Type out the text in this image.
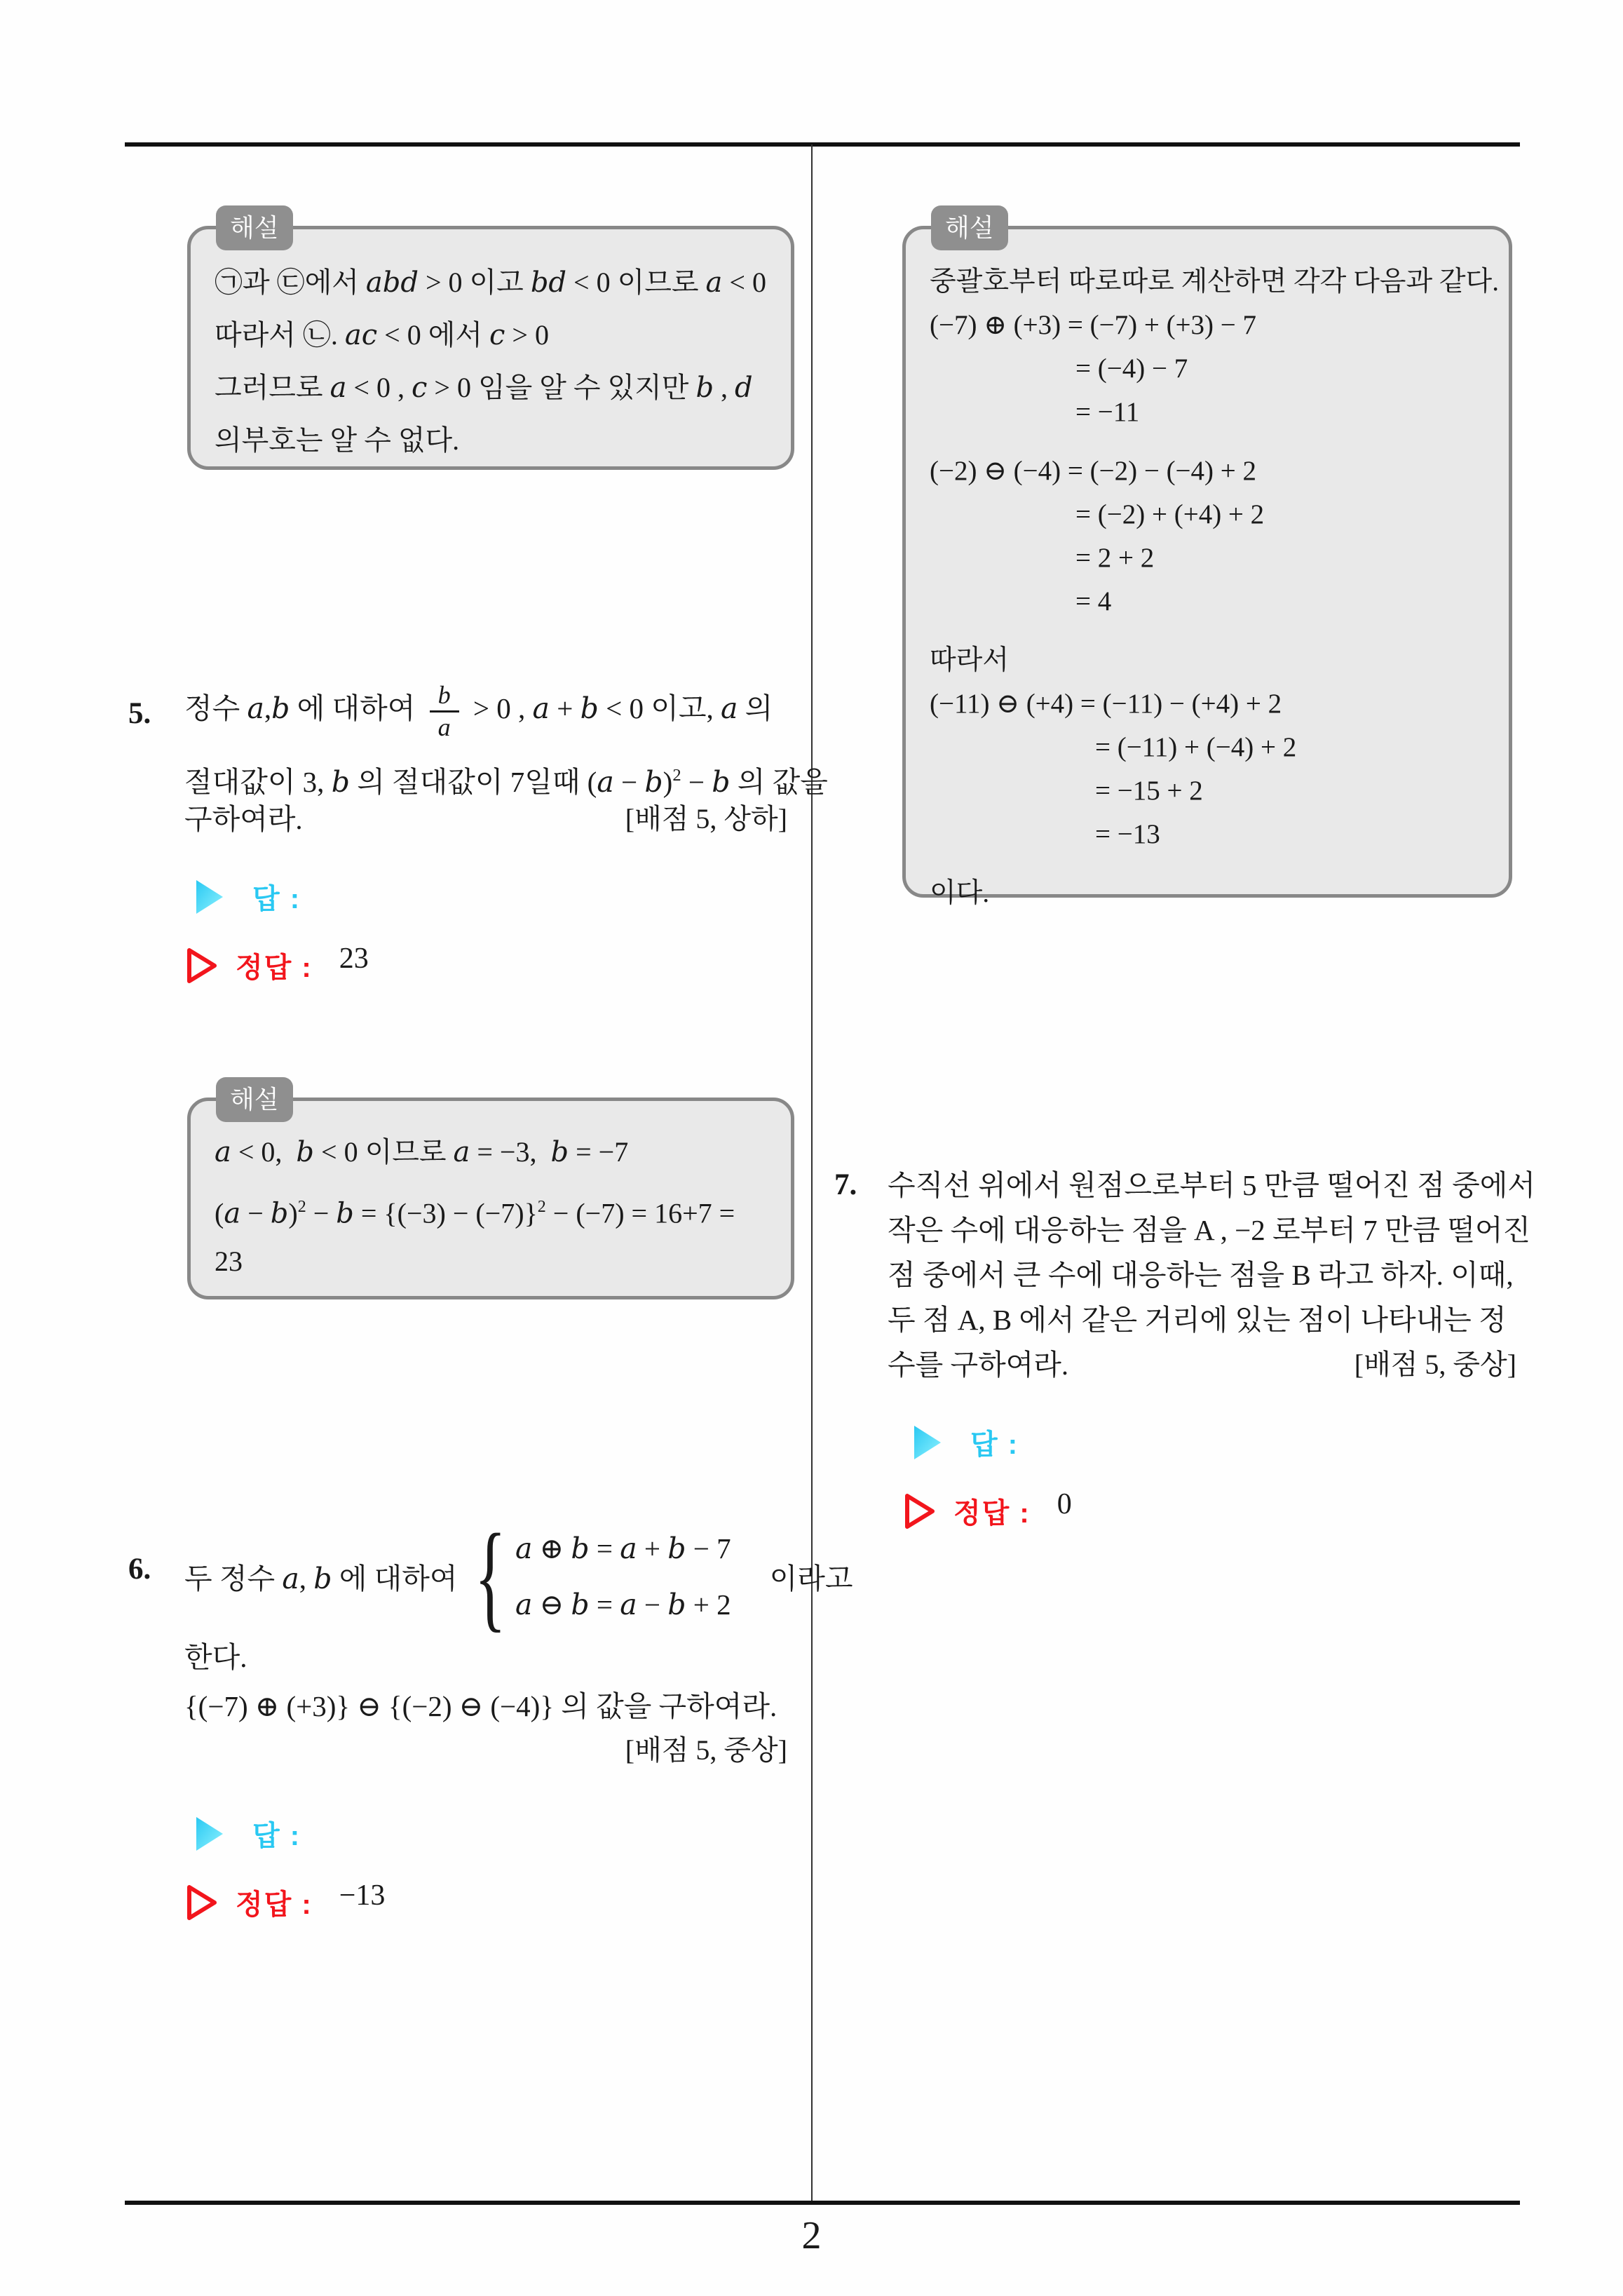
2
해설
㉠과 ㉢에서 abd > 0 이고 bd < 0 이므로 a < 0
따라서 ㉡. ac < 0 에서 c > 0
그러므로 a < 0 , c > 0 임을 알 수 있지만 b , d
의부호는 알 수 없다.
5. 정수 a,b 에 대하여 $\frac{b}{a} > 0$ , a + b < 0 이고, a 의
절대값이 3, b 의 절대값이 7일때 $(a - b)^2 - b$ 의 값을
구하여라.	[배점 5, 상하]
답 :
정답 : 23
해설
a < 0,  b < 0 이므로 a = −3,  b = −7
$(a - b)^2 - b = \{(-3) - (-7)\}^2 - (-7) = 16+7$ =
23
6. 두 정수 a, b 에 대하여 { a ⊕ b = a + b − 7
a ⊖ b = a − b + 2
이라고
한다.
{(−7) ⊕ (+3)} ⊖ {(−2) ⊖ (−4)} 의 값을 구하여라.
[배점 5, 중상]
답 :
정답 : −13
해설
중괄호부터 따로따로 계산하면 각각 다음과 같다.
(−7) ⊕ (+3) = (−7) + (+3) − 7
= (−4) − 7
= −11
(−2) ⊖ (−4) = (−2) − (−4) + 2
= (−2) + (+4) + 2
= 2 + 2
= 4
따라서
(−11) ⊖ (+4) = (−11) − (+4) + 2
= (−11) + (−4) + 2
= −15 + 2
= −13
이다.
7. 수직선 위에서 원점으로부터 5 만큼 떨어진 점 중에서
작은 수에 대응하는 점을 A , −2 로부터 7 만큼 떨어진
점 중에서 큰 수에 대응하는 점을 B 라고 하자. 이때,
두 점 A, B 에서 같은 거리에 있는 점이 나타내는 정
수를 구하여라.	[배점 5, 중상]
답 :
정답 : 0
